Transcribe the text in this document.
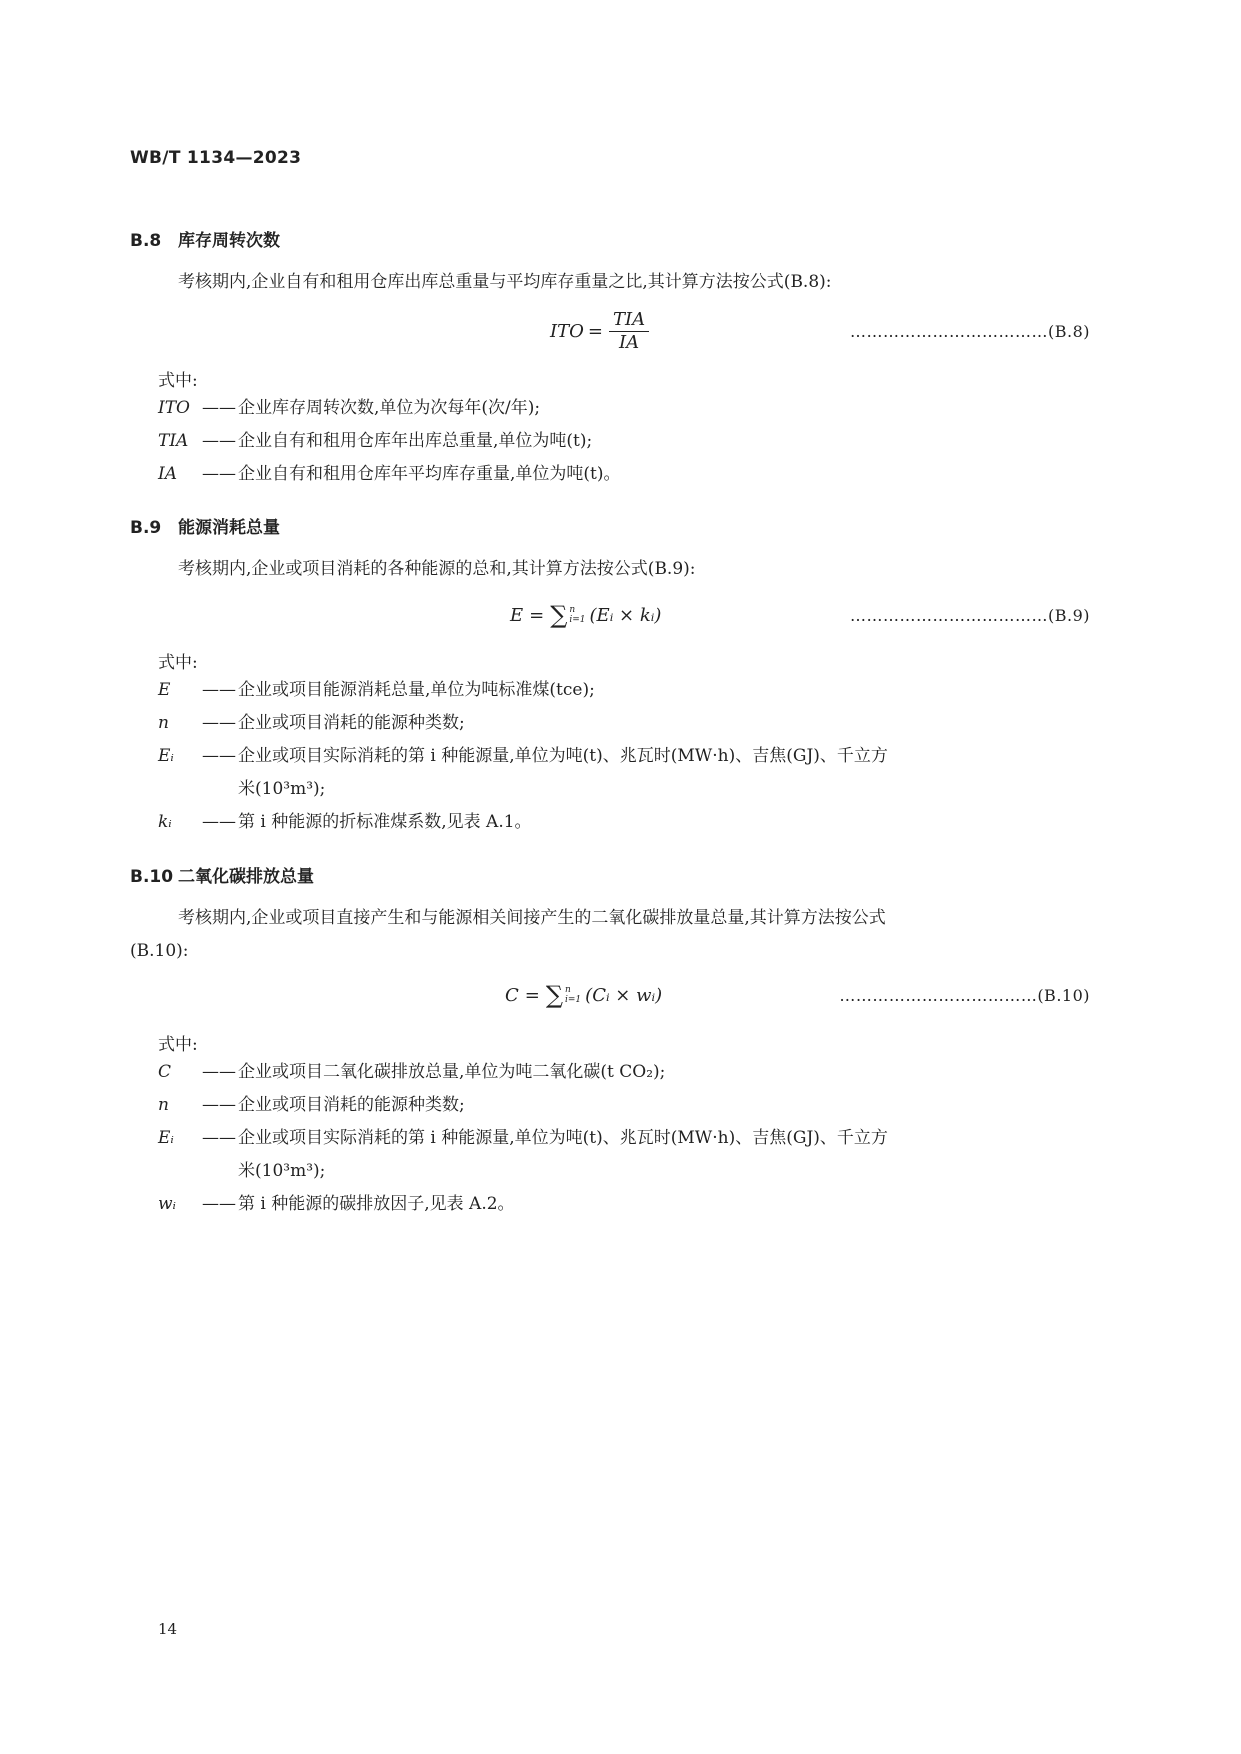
WB/T 1134—2023
B.8 库存周转次数
考核期内,企业自有和租用仓库出库总重量与平均库存重量之比,其计算方法按公式(B.8):
ITO = $\frac{\text{TIA}}{IA}$	………………………………(B.8)
式中:
ITO —— 企业库存周转次数,单位为次每年(次/年);
TIA —— 企业自有和租用仓库年出库总重量,单位为吨(t);
IA —— 企业自有和租用仓库年平均库存重量,单位为吨(t)。
B.9 能源消耗总量
考核期内,企业或项目消耗的各种能源的总和,其计算方法按公式(B.9):
E = ∑ n
i=1 (Eᵢ × kᵢ)	………………………………(B.9)
式中:
E —— 企业或项目能源消耗总量,单位为吨标准煤(tce);
n —— 企业或项目消耗的能源种类数;
Eᵢ —— 企业或项目实际消耗的第 i 种能源量,单位为吨(t)、兆瓦时(MW·h)、吉焦(GJ)、千立方
米(10³m³);
kᵢ —— 第 i 种能源的折标准煤系数,见表 A.1。
B.10 二氧化碳排放总量
考核期内,企业或项目直接产生和与能源相关间接产生的二氧化碳排放量总量,其计算方法按公式
(B.10):
C = ∑ n
i=1 (Cᵢ × wᵢ)	………………………………(B.10)
式中:
C —— 企业或项目二氧化碳排放总量,单位为吨二氧化碳(t CO₂);
n —— 企业或项目消耗的能源种类数;
Eᵢ —— 企业或项目实际消耗的第 i 种能源量,单位为吨(t)、兆瓦时(MW·h)、吉焦(GJ)、千立方
米(10³m³);
wᵢ —— 第 i 种能源的碳排放因子,见表 A.2。
14
